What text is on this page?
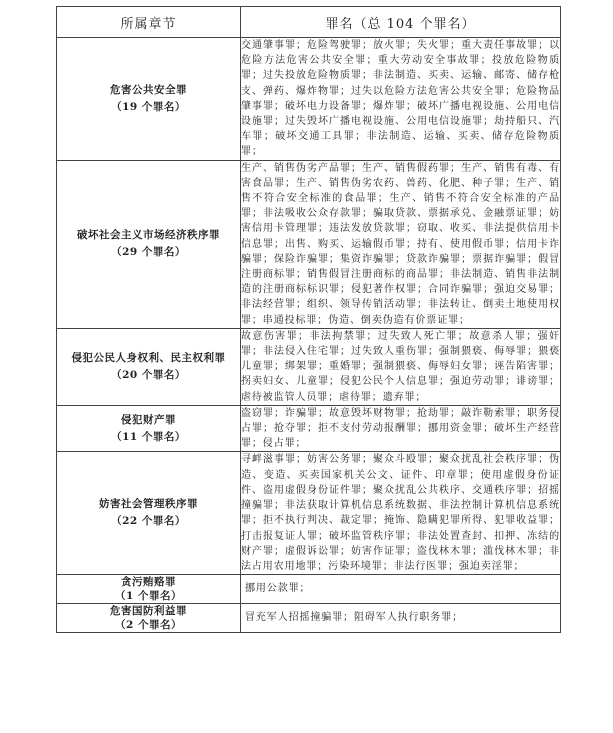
所属章节	罪名（总 104 个罪名）

危害公共安全罪
（19 个罪名）	交通肇事罪；危险驾驶罪；放火罪；失火罪；重大责任事故罪；以危险方法危害公共安全罪；重大劳动安全事故罪；投放危险物质罪；过失投放危险物质罪；非法制造、买卖、运输、邮寄、储存枪支、弹药、爆炸物罪；过失以危险方法危害公共安全罪；危险物品肇事罪；破坏电力设备罪；爆炸罪；破坏广播电视设施、公用电信设施罪；过失毁坏广播电视设施、公用电信设施罪；劫持船只、汽车罪；破坏交通工具罪；非法制造、运输、买卖、储存危险物质罪；

破坏社会主义市场经济秩序罪
（29 个罪名）	生产、销售伪劣产品罪；生产、销售假药罪；生产、销售有毒、有害食品罪；生产、销售伪劣农药、兽药、化肥、种子罪；生产、销售不符合安全标准的食品罪；生产、销售不符合安全标准的产品罪；非法吸收公众存款罪；骗取贷款、票据承兑、金融票证罪；妨害信用卡管理罪；违法发放贷款罪；窃取、收买、非法提供信用卡信息罪；出售、购买、运输假币罪；持有、使用假币罪；信用卡诈骗罪；保险诈骗罪；集资诈骗罪；贷款诈骗罪；票据诈骗罪；假冒注册商标罪；销售假冒注册商标的商品罪；非法制造、销售非法制造的注册商标标识罪；侵犯著作权罪；合同诈骗罪；强迫交易罪；非法经营罪；组织、领导传销活动罪；非法转让、倒卖土地使用权罪；串通投标罪；伪造、倒卖伪造有价票证罪；

侵犯公民人身权利、民主权利罪
（20 个罪名）	故意伤害罪；非法拘禁罪；过失致人死亡罪；故意杀人罪；强奸罪；非法侵入住宅罪；过失致人重伤罪；强制猥亵、侮辱罪；猥亵儿童罪；绑架罪；重婚罪；强制猥亵、侮辱妇女罪；诬告陷害罪；拐卖妇女、儿童罪；侵犯公民个人信息罪；强迫劳动罪；诽谤罪；虐待被监管人员罪；虐待罪；遗弃罪；

侵犯财产罪
（11 个罪名）	盗窃罪；诈骗罪；故意毁坏财物罪；抢劫罪；敲诈勒索罪；职务侵占罪；抢夺罪；拒不支付劳动报酬罪；挪用资金罪；破坏生产经营罪；侵占罪；

妨害社会管理秩序罪
（22 个罪名）	寻衅滋事罪；妨害公务罪；聚众斗殴罪；聚众扰乱社会秩序罪；伪造、变造、买卖国家机关公文、证件、印章罪；使用虚假身份证件、盗用虚假身份证件罪；聚众扰乱公共秩序、交通秩序罪；招摇撞骗罪；非法获取计算机信息系统数据、非法控制计算机信息系统罪；拒不执行判决、裁定罪；掩饰、隐瞒犯罪所得、犯罪收益罪；打击报复证人罪；破坏监管秩序罪；非法处置查封、扣押、冻结的财产罪；虚假诉讼罪；妨害作证罪；盗伐林木罪；滥伐林木罪；非法占用农用地罪；污染环境罪；非法行医罪；强迫卖淫罪；

贪污贿赂罪
（1 个罪名）	挪用公款罪；

危害国防利益罪
（2 个罪名）	冒充军人招摇撞骗罪；阻碍军人执行职务罪；
